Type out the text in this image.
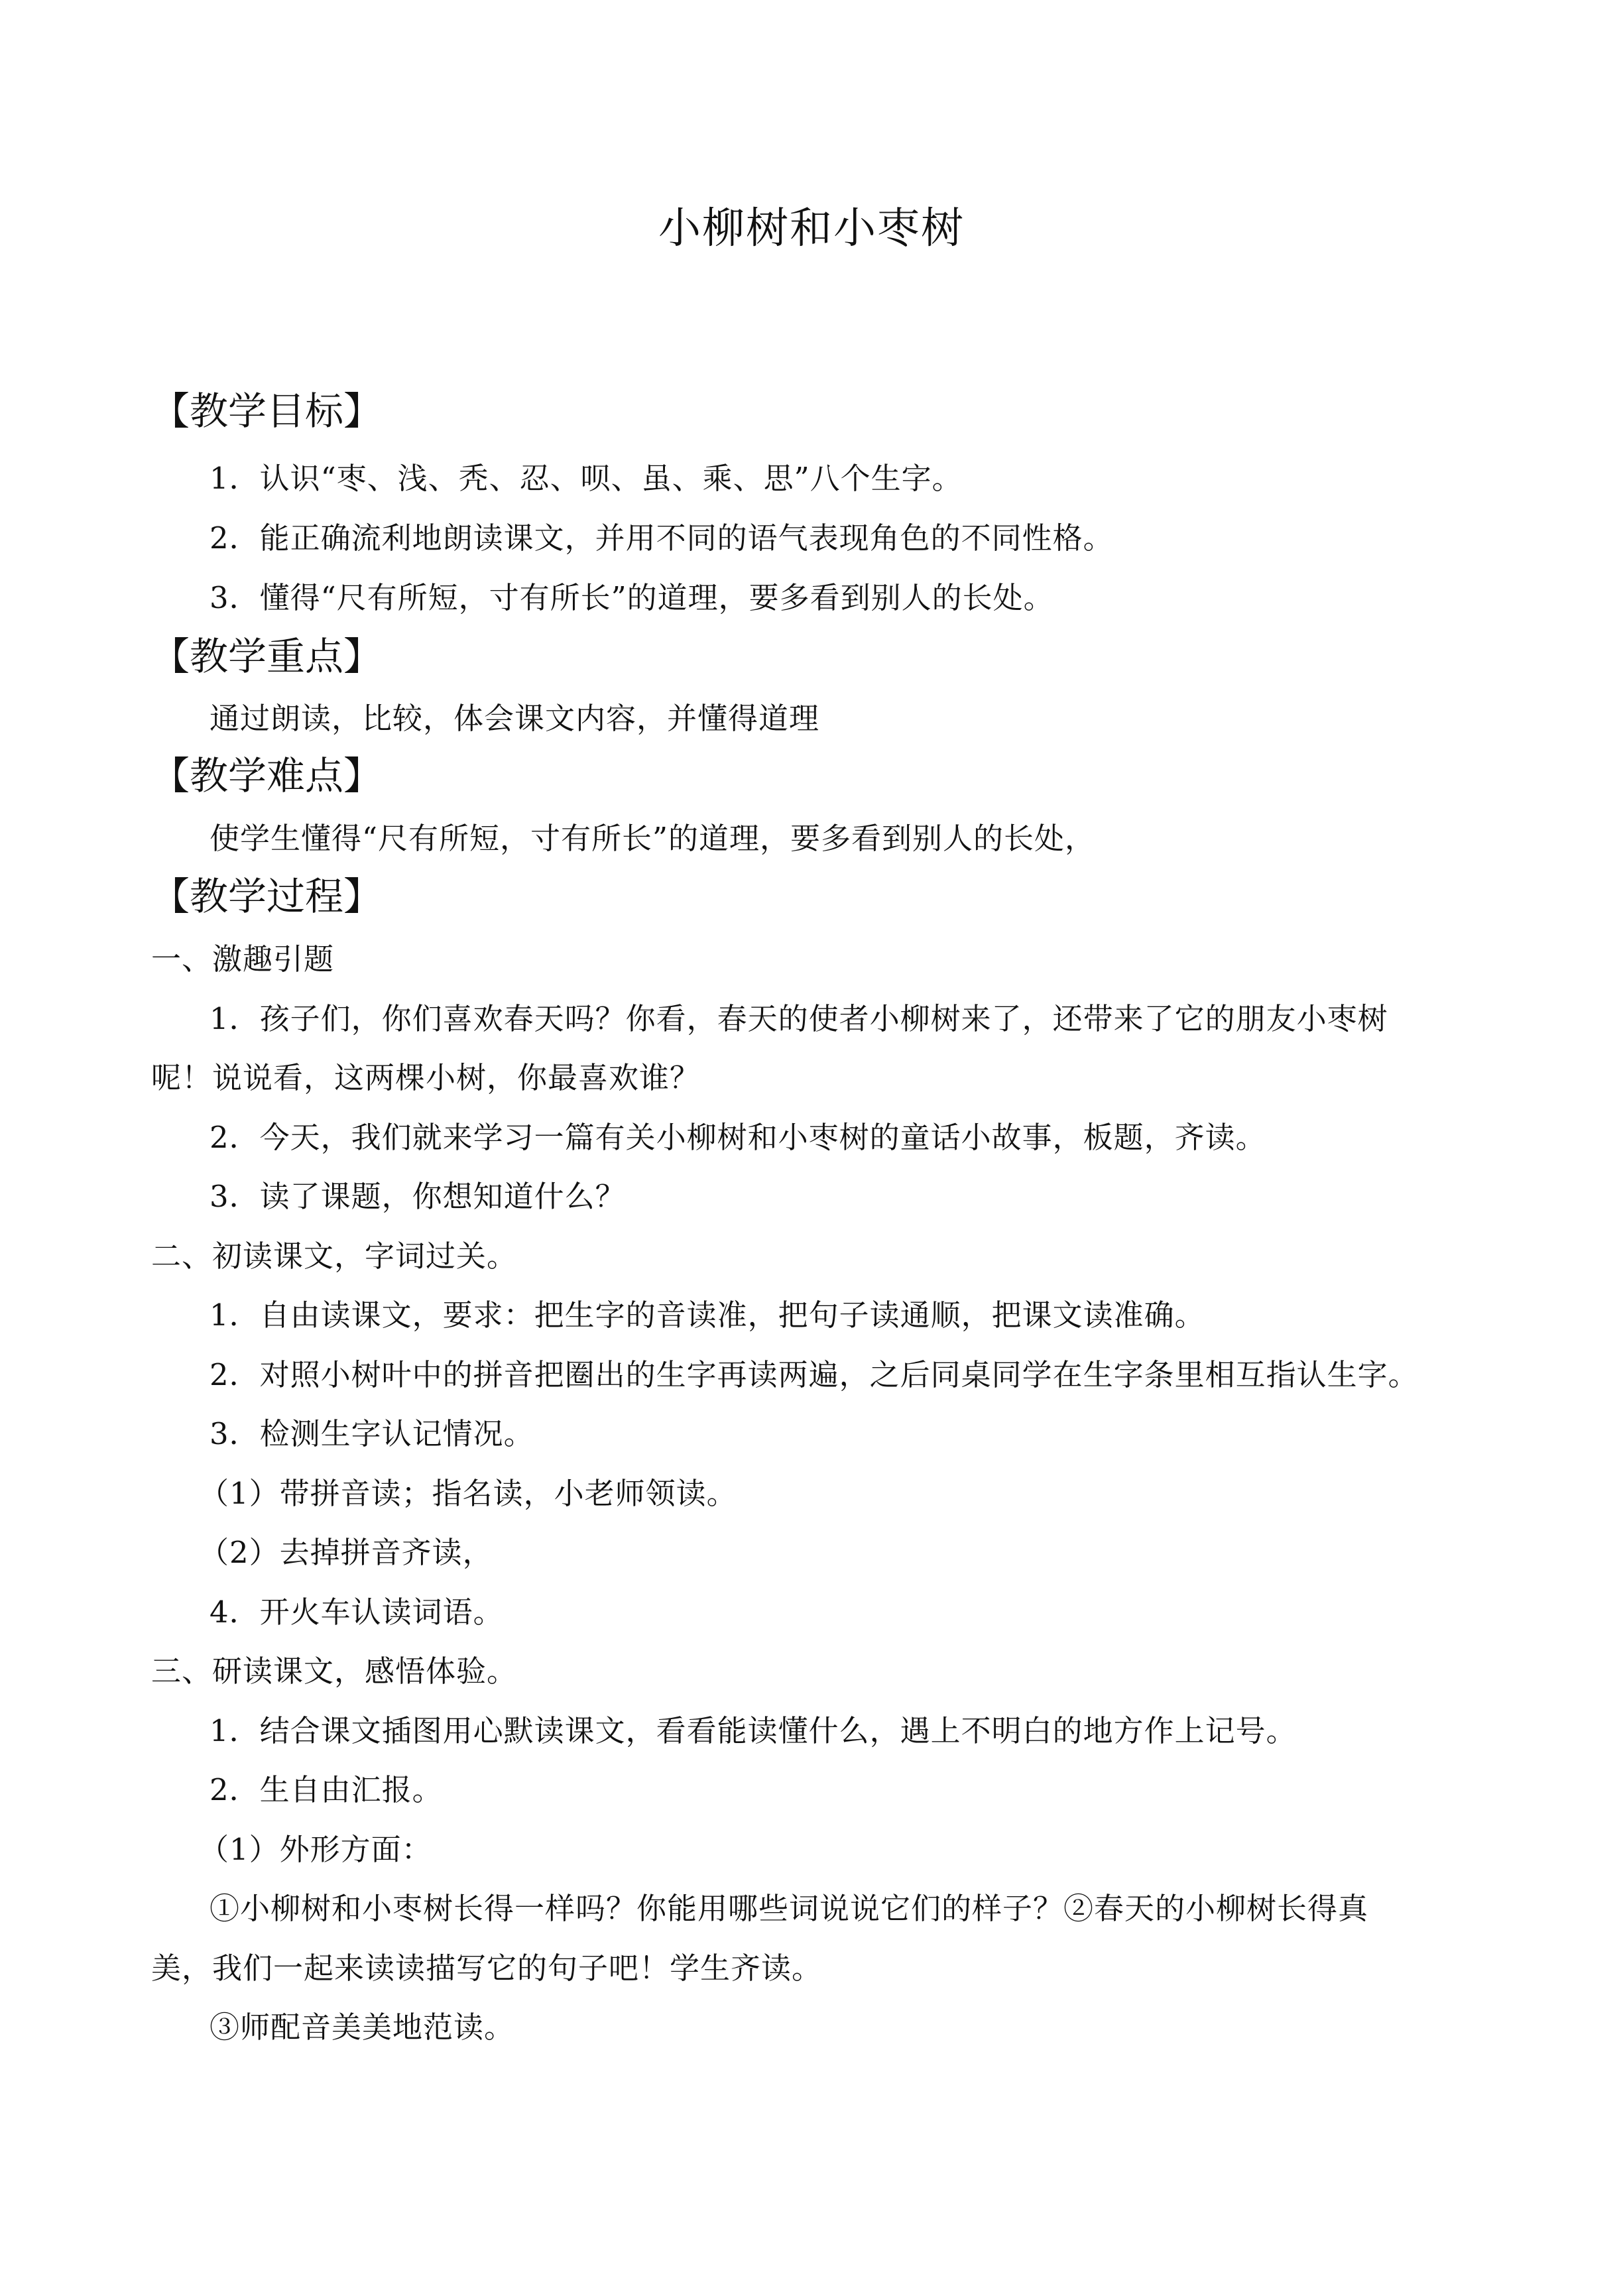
小柳树和小枣树
【教学目标】
1．认识“枣、浅、秃、忍、呗、虽、乘、思”八个生字。
2．能正确流利地朗读课文，并用不同的语气表现角色的不同性格。
3．懂得“尺有所短，寸有所长”的道理，要多看到别人的长处。
【教学重点】
通过朗读，比较，体会课文内容，并懂得道理
【教学难点】
使学生懂得“尺有所短，寸有所长”的道理，要多看到别人的长处，
【教学过程】
一、激趣引题
1．孩子们，你们喜欢春天吗？你看，春天的使者小柳树来了，还带来了它的朋友小枣树
呢！说说看，这两棵小树，你最喜欢谁？
2．今天，我们就来学习一篇有关小柳树和小枣树的童话小故事，板题，齐读。
3．读了课题，你想知道什么？
二、初读课文，字词过关。
1．自由读课文，要求：把生字的音读准，把句子读通顺，把课文读准确。
2．对照小树叶中的拼音把圈出的生字再读两遍，之后同桌同学在生字条里相互指认生字。
3．检测生字认记情况。
（1）带拼音读；指名读，小老师领读。
（2）去掉拼音齐读，
4．开火车认读词语。
三、研读课文，感悟体验。
1．结合课文插图用心默读课文，看看能读懂什么，遇上不明白的地方作上记号。
2．生自由汇报。
（1）外形方面：
①小柳树和小枣树长得一样吗？你能用哪些词说说它们的样子？②春天的小柳树长得真
美，我们一起来读读描写它的句子吧！学生齐读。
③师配音美美地范读。
